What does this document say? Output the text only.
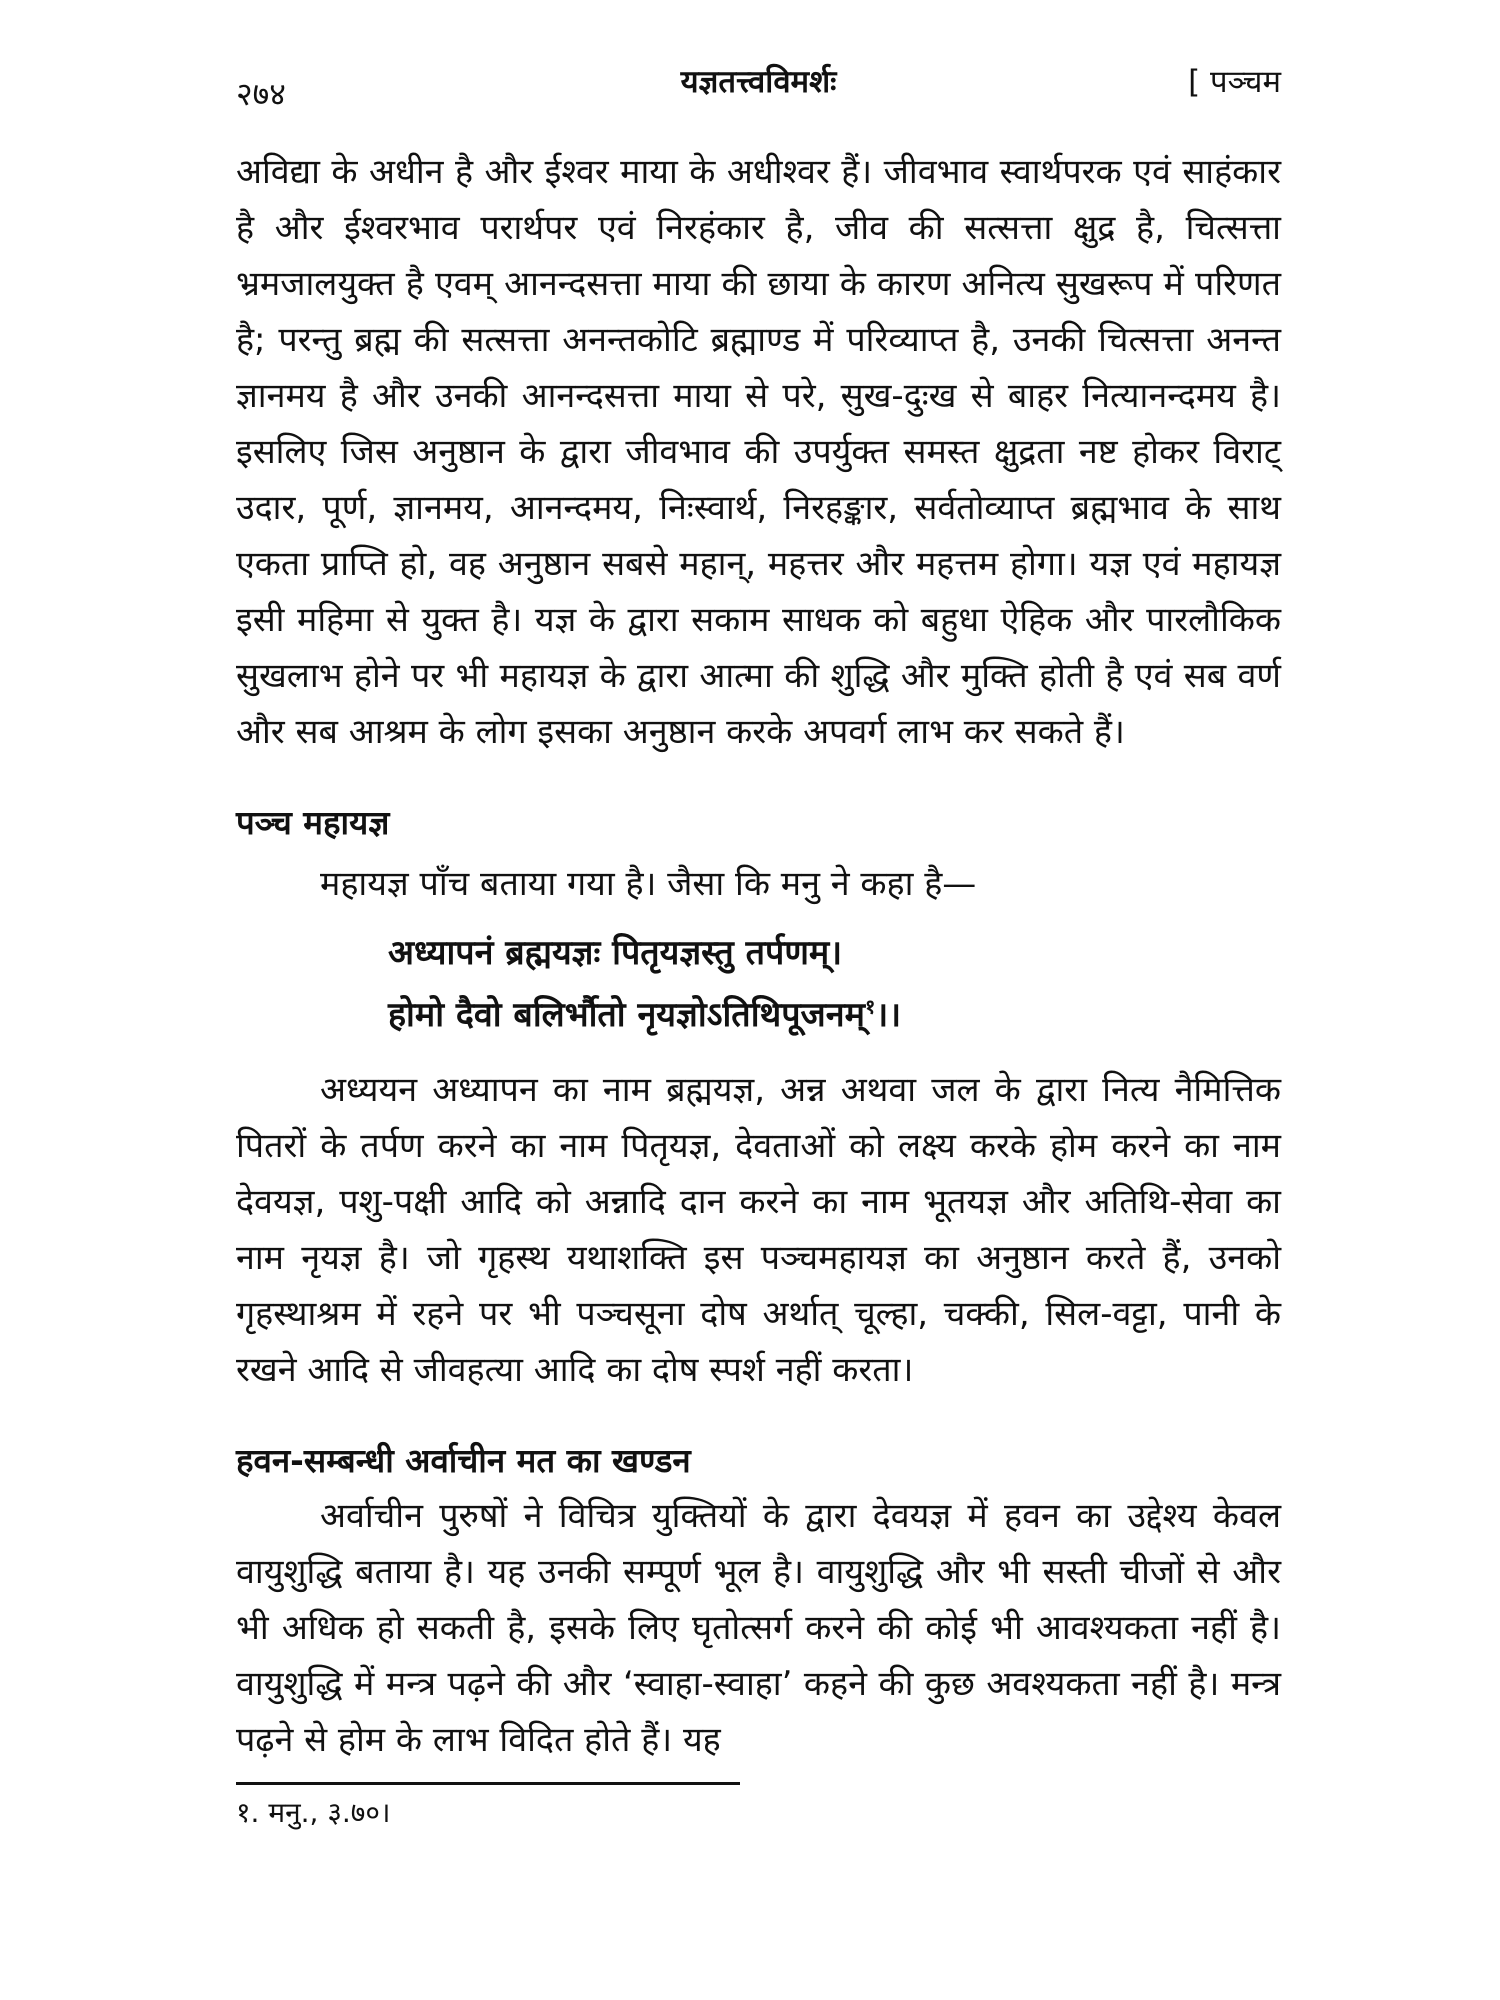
२७४	यज्ञतत्त्वविमर्शः	[ पञ्चम

अविद्या के अधीन है और ईश्वर माया के अधीश्वर हैं। जीवभाव स्वार्थपरक एवं साहंकार है और ईश्वरभाव परार्थपर एवं निरहंकार है, जीव की सत्सत्ता क्षुद्र है, चित्सत्ता भ्रमजालयुक्त है एवम् आनन्दसत्ता माया की छाया के कारण अनित्य सुखरूप में परिणत है; परन्तु ब्रह्म की सत्सत्ता अनन्तकोटि ब्रह्माण्ड में परिव्याप्त है, उनकी चित्सत्ता अनन्त ज्ञानमय है और उनकी आनन्दसत्ता माया से परे, सुख-दुःख से बाहर नित्यानन्दमय है। इसलिए जिस अनुष्ठान के द्वारा जीवभाव की उपर्युक्त समस्त क्षुद्रता नष्ट होकर विराट् उदार, पूर्ण, ज्ञानमय, आनन्दमय, निःस्वार्थ, निरहङ्कार, सर्वतोव्याप्त ब्रह्मभाव के साथ एकता प्राप्ति हो, वह अनुष्ठान सबसे महान्, महत्तर और महत्तम होगा। यज्ञ एवं महायज्ञ इसी महिमा से युक्त है। यज्ञ के द्वारा सकाम साधक को बहुधा ऐहिक और पारलौकिक सुखलाभ होने पर भी महायज्ञ के द्वारा आत्मा की शुद्धि और मुक्ति होती है एवं सब वर्ण और सब आश्रम के लोग इसका अनुष्ठान करके अपवर्ग लाभ कर सकते हैं।

पञ्च महायज्ञ

महायज्ञ पाँच बताया गया है। जैसा कि मनु ने कहा है—

अध्यापनं ब्रह्मयज्ञः पितृयज्ञस्तु तर्पणम्।
होमो दैवो बलिर्भौतो नृयज्ञोऽतिथिपूजनम्$^१$।।

अध्ययन अध्यापन का नाम ब्रह्मयज्ञ, अन्न अथवा जल के द्वारा नित्य नैमित्तिक पितरों के तर्पण करने का नाम पितृयज्ञ, देवताओं को लक्ष्य करके होम करने का नाम देवयज्ञ, पशु-पक्षी आदि को अन्नादि दान करने का नाम भूतयज्ञ और अतिथि-सेवा का नाम नृयज्ञ है। जो गृहस्थ यथाशक्ति इस पञ्चमहायज्ञ का अनुष्ठान करते हैं, उनको गृहस्थाश्रम में रहने पर भी पञ्चसूना दोष अर्थात् चूल्हा, चक्की, सिल-वट्टा, पानी के रखने आदि से जीवहत्या आदि का दोष स्पर्श नहीं करता।

हवन-सम्बन्धी अर्वाचीन मत का खण्डन

अर्वाचीन पुरुषों ने विचित्र युक्तियों के द्वारा देवयज्ञ में हवन का उद्देश्य केवल वायुशुद्धि बताया है। यह उनकी सम्पूर्ण भूल है। वायुशुद्धि और भी सस्ती चीजों से और भी अधिक हो सकती है, इसके लिए घृतोत्सर्ग करने की कोई भी आवश्यकता नहीं है। वायुशुद्धि में मन्त्र पढ़ने की और ‘स्वाहा-स्वाहा’ कहने की कुछ अवश्यकता नहीं है। मन्त्र पढ़ने से होम के लाभ विदित होते हैं। यह

१. मनु., ३.७०।
